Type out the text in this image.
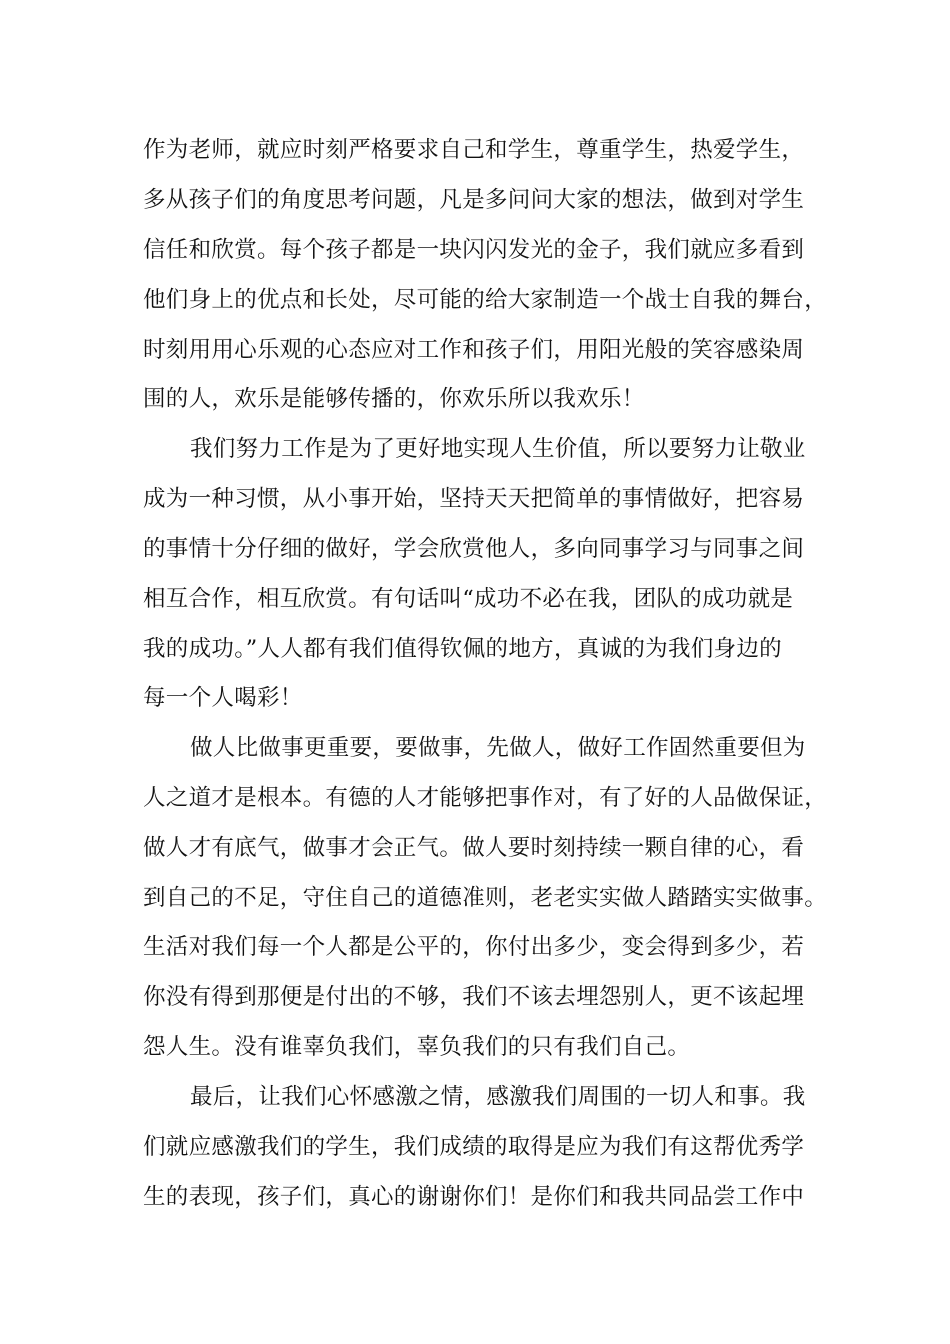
作为老师，就应时刻严格要求自己和学生，尊重学生，热爱学生，
多从孩子们的角度思考问题，凡是多问问大家的想法，做到对学生
信任和欣赏。每个孩子都是一块闪闪发光的金子，我们就应多看到
他们身上的优点和长处，尽可能的给大家制造一个战士自我的舞台，
时刻用用心乐观的心态应对工作和孩子们，用阳光般的笑容感染周
围的人，欢乐是能够传播的，你欢乐所以我欢乐！
我们努力工作是为了更好地实现人生价值，所以要努力让敬业
成为一种习惯，从小事开始，坚持天天把简单的事情做好，把容易
的事情十分仔细的做好，学会欣赏他人，多向同事学习与同事之间
相互合作，相互欣赏。有句话叫“成功不必在我，团队的成功就是
我的成功。”人人都有我们值得钦佩的地方，真诚的为我们身边的
每一个人喝彩！
做人比做事更重要，要做事，先做人，做好工作固然重要但为
人之道才是根本。有德的人才能够把事作对，有了好的人品做保证，
做人才有底气，做事才会正气。做人要时刻持续一颗自律的心，看
到自己的不足，守住自己的道德准则，老老实实做人踏踏实实做事。
生活对我们每一个人都是公平的，你付出多少，变会得到多少，若
你没有得到那便是付出的不够，我们不该去埋怨别人，更不该起埋
怨人生。没有谁辜负我们，辜负我们的只有我们自己。
最后，让我们心怀感激之情，感激我们周围的一切人和事。我
们就应感激我们的学生，我们成绩的取得是应为我们有这帮优秀学
生的表现，孩子们，真心的谢谢你们！是你们和我共同品尝工作中
